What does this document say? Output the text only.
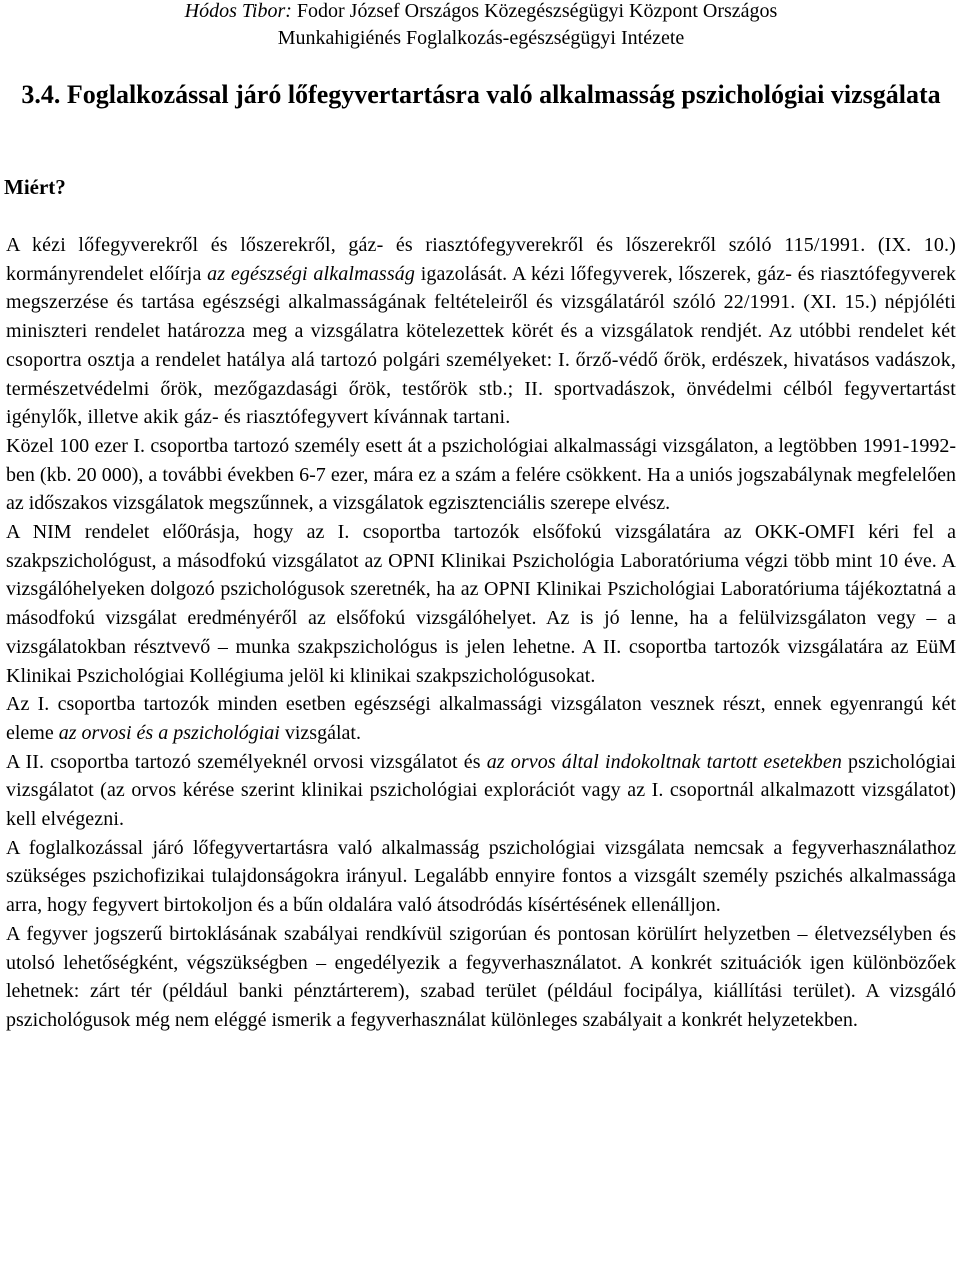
Hódos Tibor: Fodor József Országos Közegészségügyi Központ Országos
Munkahigiénés Foglalkozás-egészségügyi Intézete
3.4. Foglalkozással járó lőfegyvertartásra való alkalmasság pszichológiai vizsgálata
Miért?

A kézi lőfegyverekről és lőszerekről, gáz- és riasztófegyverekről és lőszerekről szóló 115/1991. (IX. 10.) kormányrendelet előírja az egészségi alkalmasság igazolását. A kézi lőfegyverek, lőszerek, gáz- és riasztófegyverek megszerzése és tartása egészségi alkalmasságának feltételeiről és vizsgálatáról szóló 22/1991. (XI. 15.) népjóléti miniszteri rendelet határozza meg a vizsgálatra kötelezettek körét és a vizsgálatok rendjét. Az utóbbi rendelet két csoportra osztja a rendelet hatálya alá tartozó polgári személyeket: I. őrző-védő őrök, erdészek, hivatásos vadászok, természetvédelmi őrök, mezőgazdasági őrök, testőrök stb.; II. sportvadászok, önvédelmi célból fegyvertartást igénylők, illetve akik gáz- és riasztófegyvert kívánnak tartani.

Közel 100 ezer I. csoportba tartozó személy esett át a pszichológiai alkalmassági vizsgálaton, a legtöbben 1991-1992-ben (kb. 20 000), a további években 6-7 ezer, mára ez a szám a felére csökkent. Ha a uniós jogszabálynak megfelelően az időszakos vizsgálatok megszűnnek, a vizsgálatok egzisztenciális szerepe elvész.

A NIM rendelet elő0rásja, hogy az I. csoportba tartozók elsőfokú vizsgálatára az OKK-OMFI kéri fel a szakpszichológust, a másodfokú vizsgálatot az OPNI Klinikai Pszichológia Laboratóriuma végzi több mint 10 éve. A vizsgálóhelyeken dolgozó pszichológusok szeretnék, ha az OPNI Klinikai Pszichológiai Laboratóriuma tájékoztatná a másodfokú vizsgálat eredményéről az elsőfokú vizsgálóhelyet. Az is jó lenne, ha a felülvizsgálaton vegy – a vizsgálatokban résztvevő – munka szakpszichológus is jelen lehetne. A II. csoportba tartozók vizsgálatára az EüM Klinikai Pszichológiai Kollégiuma jelöl ki klinikai szakpszichológusokat.

Az I. csoportba tartozók minden esetben egészségi alkalmassági vizsgálaton vesznek részt, ennek egyenrangú két eleme az orvosi és a pszichológiai vizsgálat.

A II. csoportba tartozó személyeknél orvosi vizsgálatot és az orvos által indokoltnak tartott esetekben pszichológiai vizsgálatot (az orvos kérése szerint klinikai pszichológiai explorációt vagy az I. csoportnál alkalmazott vizsgálatot) kell elvégezni.

A foglalkozással járó lőfegyvertartásra való alkalmasság pszichológiai vizsgálata nemcsak a fegyverhasználathoz szükséges pszichofizikai tulajdonságokra irányul. Legalább ennyire fontos a vizsgált személy pszichés alkalmassága arra, hogy fegyvert birtokoljon és a bűn oldalára való átsodródás kísértésének ellenálljon.

A fegyver jogszerű birtoklásának szabályai rendkívül szigorúan és pontosan körülírt helyzetben – életvezsélyben és utolsó lehetőségként, végszükségben – engedélyezik a fegyverhasználatot. A konkrét szituációk igen különbözőek lehetnek: zárt tér (például banki pénztárterem), szabad terület (például focipálya, kiállítási terület). A vizsgáló pszichológusok még nem eléggé ismerik a fegyverhasználat különleges szabályait a konkrét helyzetekben.
